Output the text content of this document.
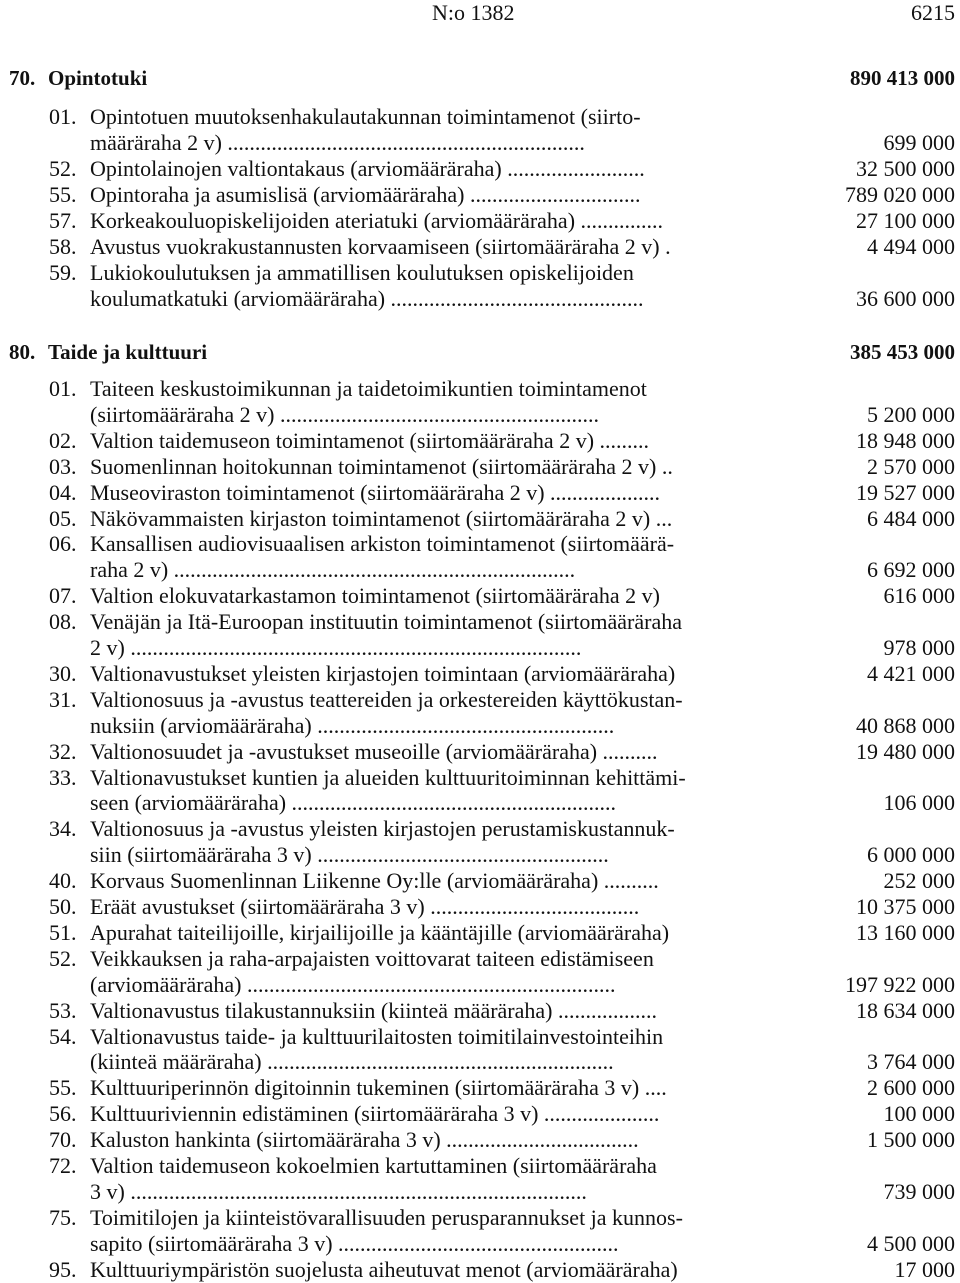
N:o 1382	6215
70. Opintotuki	890 413 000
01. Opintotuen muutoksenhakulautakunnan toimintamenot (siirto-
määräraha 2 v) .................................................................	699 000
52. Opintolainojen valtiontakaus (arviomääräraha) .........................	32 500 000
55. Opintoraha ja asumislisä (arviomääräraha) ...............................	789 020 000
57. Korkeakouluopiskelijoiden ateriatuki (arviomääräraha) ...............	27 100 000
58. Avustus vuokrakustannusten korvaamiseen (siirtomääräraha 2 v) .	4 494 000
59. Lukiokoulutuksen ja ammatillisen koulutuksen opiskelijoiden
koulumatkatuki (arviomääräraha) ..............................................	36 600 000
80. Taide ja kulttuuri	385 453 000
01. Taiteen keskustoimikunnan ja taidetoimikuntien toimintamenot
(siirtomääräraha 2 v) ..........................................................	5 200 000
02. Valtion taidemuseon toimintamenot (siirtomääräraha 2 v) .........	18 948 000
03. Suomenlinnan hoitokunnan toimintamenot (siirtomääräraha 2 v) ..	2 570 000
04. Museoviraston toimintamenot (siirtomääräraha 2 v) ....................	19 527 000
05. Näkövammaisten kirjaston toimintamenot (siirtomääräraha 2 v) ...	6 484 000
06. Kansallisen audiovisuaalisen arkiston toimintamenot (siirtomäärä-
raha 2 v) .........................................................................	6 692 000
07. Valtion elokuvatarkastamon toimintamenot (siirtomääräraha 2 v)	616 000
08. Venäjän ja Itä-Euroopan instituutin toimintamenot (siirtomääräraha
2 v) ..................................................................................	978 000
30. Valtionavustukset yleisten kirjastojen toimintaan (arviomääräraha)	4 421 000
31. Valtionosuus ja -avustus teattereiden ja orkestereiden käyttökustan-
nuksiin (arviomääräraha) ......................................................	40 868 000
32. Valtionosuudet ja -avustukset museoille (arviomääräraha) ..........	19 480 000
33. Valtionavustukset kuntien ja alueiden kulttuuritoiminnan kehittämi-
seen (arviomääräraha) ...........................................................	106 000
34. Valtionosuus ja -avustus yleisten kirjastojen perustamiskustannuk-
siin (siirtomääräraha 3 v) .....................................................	6 000 000
40. Korvaus Suomenlinnan Liikenne Oy:lle (arviomääräraha) ..........	252 000
50. Eräät avustukset (siirtomääräraha 3 v) ......................................	10 375 000
51. Apurahat taiteilijoille, kirjailijoille ja kääntäjille (arviomääräraha)	13 160 000
52. Veikkauksen ja raha-arpajaisten voittovarat taiteen edistämiseen
(arviomääräraha) ...................................................................	197 922 000
53. Valtionavustus tilakustannuksiin (kiinteä määräraha) ..................	18 634 000
54. Valtionavustus taide- ja kulttuurilaitosten toimitilainvestointeihin
(kiinteä määräraha) ...............................................................	3 764 000
55. Kulttuuriperinnön digitoinnin tukeminen (siirtomääräraha 3 v) ....	2 600 000
56. Kulttuuriviennin edistäminen (siirtomääräraha 3 v) .....................	100 000
70. Kaluston hankinta (siirtomääräraha 3 v) ...................................	1 500 000
72. Valtion taidemuseon kokoelmien kartuttaminen (siirtomääräraha
3 v) ...................................................................................	739 000
75. Toimitilojen ja kiinteistövarallisuuden perusparannukset ja kunnos-
sapito (siirtomääräraha 3 v) ...................................................	4 500 000
95. Kulttuuriympäristön suojelusta aiheutuvat menot (arviomääräraha)	17 000
